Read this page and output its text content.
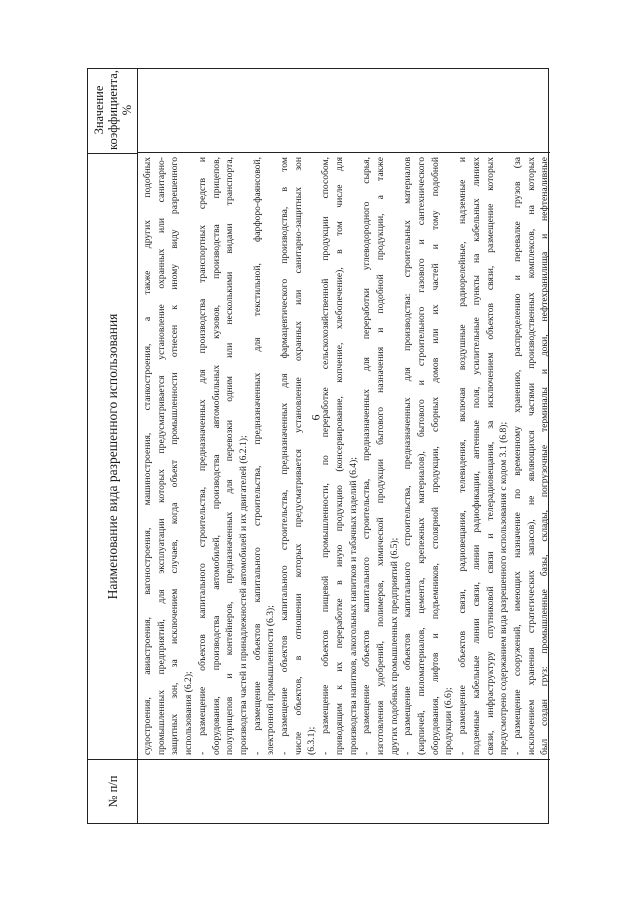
6
№ п/п
Наименование вида разрешенного использования
Значение коэффициента, %
судостроения, авиастроения, вагоностроения, машиностроения, станкостроения, а также других подобных промышленных предприятий, для эксплуатации которых предусматривается установление охранных или санитарно- защитных зон, за исключением случаев, когда объект промышленности отнесен к иному виду разрешенного использования (6.2); - размещение объектов капитального строительства, предназначенных для производства транспортных средств и оборудования, производства автомобилей, производства автомобильных кузовов, производства прицепов, полуприцепов и контейнеров, предназначенных для перевозки одним или несколькими видами транспорта, производства частей и принадлежностей автомобилей и их двигателей (6.2.1); - размещение объектов капитального строительства, предназначенных для текстильной, фарфоро-фаянсовой, электронной промышленности (6.3); - размещение объектов капитального строительства, предназначенных для фармацевтического производства, в том числе объектов, в отношении которых предусматривается установление охранных или санитарно-защитных зон (6.3.1); - размещение объектов пищевой промышленности, по переработке сельскохозяйственной продукции способом, приводящим к их переработке в иную продукцию (консервирование, копчение, хлебопечение), в том числе для производства напитков, алкогольных напитков и табачных изделий (6.4); - размещение объектов капитального строительства, предназначенных для переработки углеводородного сырья, изготовления удобрений, полимеров, химической продукции бытового назначения и подобной продукции, а также других подобных промышленных предприятий (6.5); - размещение объектов капитального строительства, предназначенных для производства: строительных материалов (кирпичей, пиломатериалов, цемента, крепежных материалов), бытового и строительного газового и сантехнического оборудования, лифтов и подъемников, столярной продукции, сборных домов или их частей и тому подобной продукции (6.6); - размещение объектов связи, радиовещания, телевидения, включая воздушные радиорелейные, надземные и подземные кабельные линии связи, линии радиофикации, антенные поля, усилительные пункты на кабельных линиях связи, инфраструктуру спутниковой связи и телерадиовещания, за исключением объектов связи, размещение которых предусмотрено содержанием вида разрешенного использования с кодом 3.1 (6.8); - размещение сооружений, имеющих назначение по временному хранению, распределению и перевалке грузов (за исключением хранения стратегических запасов), не являющихся частями производственных комплексов, на которых был создан груз: промышленные базы, склады, погрузочные терминалы и доки, нефтехранилища и нефтеналивные
